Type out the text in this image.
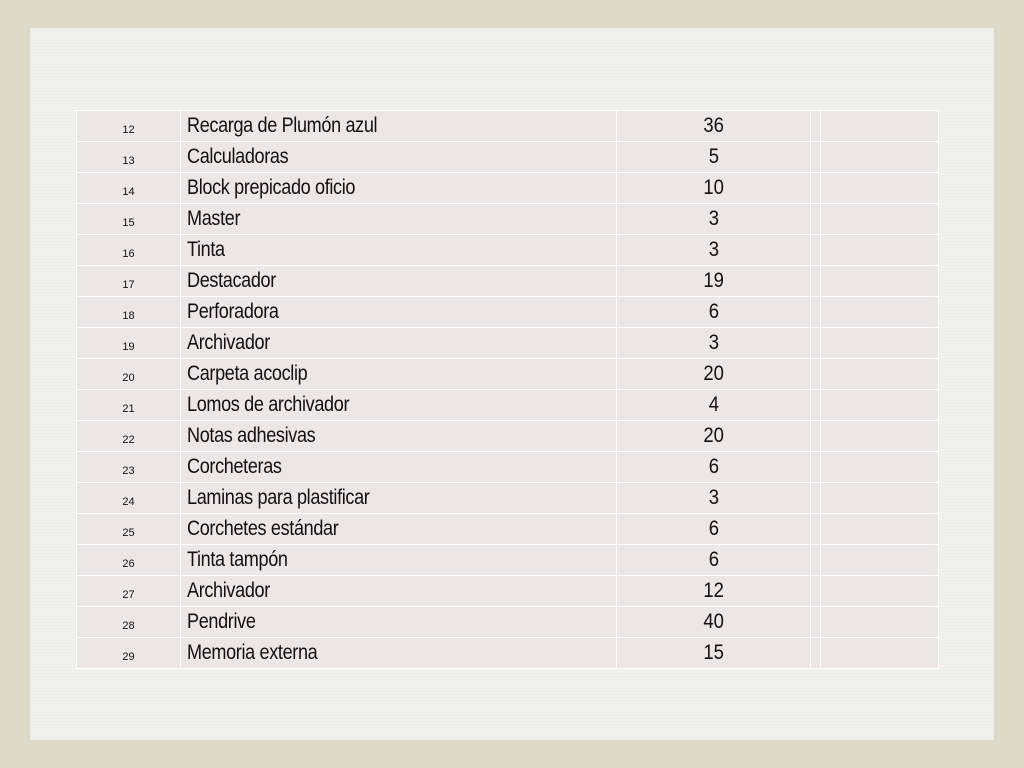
12	Recarga de Plumón azul	36		
13	Calculadoras	5		
14	Block prepicado oficio	10		
15	Master	3		
16	Tinta	3		
17	Destacador	19		
18	Perforadora	6		
19	Archivador	3		
20	Carpeta acoclip	20		
21	Lomos de archivador	4		
22	Notas adhesivas	20		
23	Corcheteras	6		
24	Laminas para plastificar	3		
25	Corchetes estándar	6		
26	Tinta tampón	6		
27	Archivador	12		
28	Pendrive	40		
29	Memoria externa	15		
